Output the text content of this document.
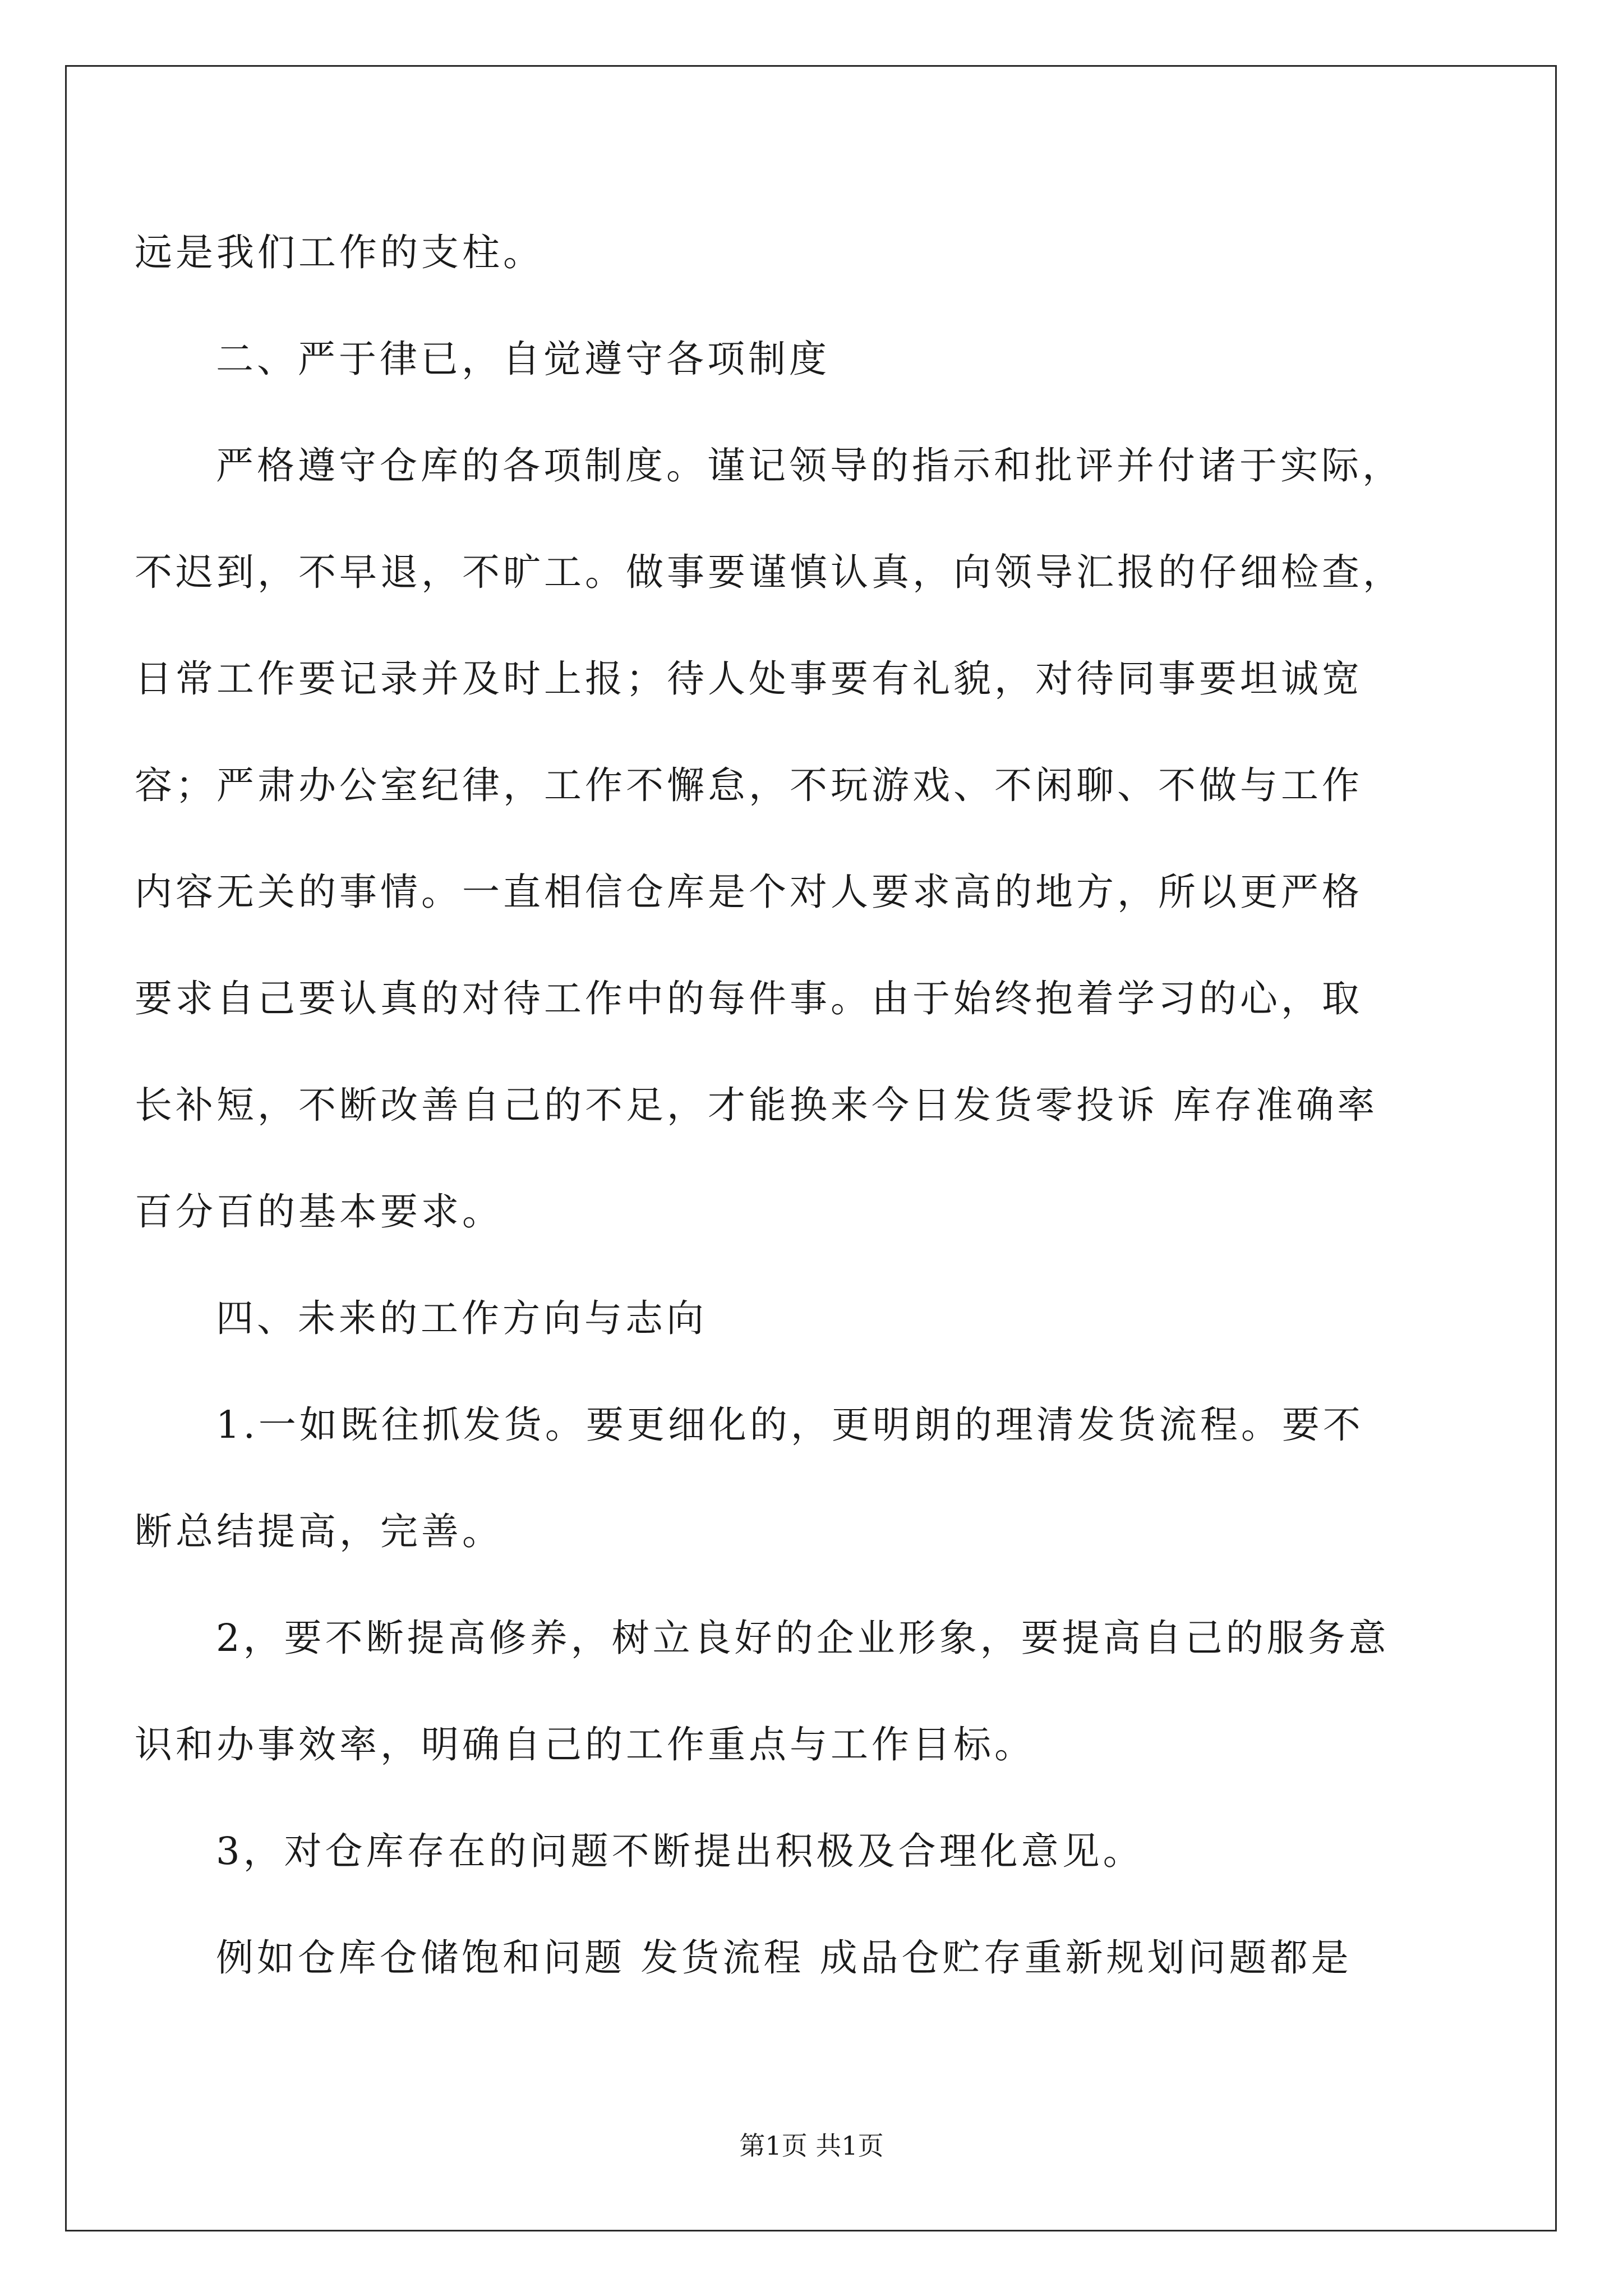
远是我们工作的支柱。
二、严于律已，自觉遵守各项制度
严格遵守仓库的各项制度。谨记领导的指示和批评并付诸于实际，
不迟到，不早退，不旷工。做事要谨慎认真，向领导汇报的仔细检查，
日常工作要记录并及时上报；待人处事要有礼貌，对待同事要坦诚宽
容；严肃办公室纪律，工作不懈怠，不玩游戏、不闲聊、不做与工作
内容无关的事情。一直相信仓库是个对人要求高的地方，所以更严格
要求自己要认真的对待工作中的每件事。由于始终抱着学习的心，取
长补短，不断改善自己的不足，才能换来今日发货零投诉 库存准确率
百分百的基本要求。
四、未来的工作方向与志向
1.一如既往抓发货。要更细化的，更明朗的理清发货流程。要不
断总结提高，完善。
2，要不断提高修养，树立良好的企业形象，要提高自己的服务意
识和办事效率，明确自己的工作重点与工作目标。
3，对仓库存在的问题不断提出积极及合理化意见。
例如仓库仓储饱和问题 发货流程 成品仓贮存重新规划问题都是
第1页 共1页
